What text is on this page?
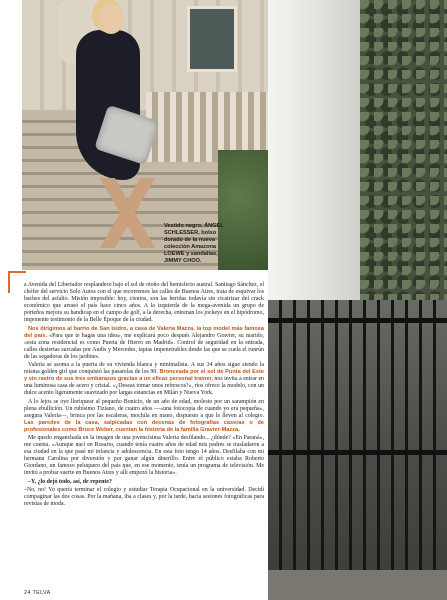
Vestido negro, ÁNGEL
SCHLESSER, bolso
dorado de la nueva
colección Amazona
LOEWE y sandalias,
JIMMY CHOO.

a Avenida del Libertador resplandece bajo el sol de otoño del hemisferio austral. Santiago Sánchez, el chófer del servicio Solo Autos con el que recorremos las calles de Buenos Aires, trata de esquivar los baches del asfalto. Misión imposible: hoy, cientos, son las heridas todavía sin cicatrizar del crack económico que arrasó el país hace cinco años. A la izquierda de la mega-avenida un grupo de porteños mejora su handicap en el campo de golf, a la derecha, entrenan los jockeys en el hipódromo, imponente testimonio de la Belle Époque de la ciudad.

Nos dirigimos al barrio de San Isidro, a casa de Valeria Mazza, la top model más famosa del país. «Para que te hagas una idea», me explicará poco después Alejandro Gravier, su marido, «esta zona residencial es como Puerta de Hierro en Madrid». Control de seguridad en la entrada, calles desiertas surcadas por Audis y Mercedes, tapias impenetrables desde las que se cuela el runrún de las segadoras de los jardines.

Valeria se asoma a la puerta de su vivienda blanca y minimalista. A sus 34 años sigue siendo la misma golden girl que conquistó las pasarelas de los 90. Bronceada por el sol de Punta del Este y sin rastro de sus tres embarazos gracias a un eficaz personal trainer, nos invita a entrar en una luminosa casa de acero y cristal. «¿Deseas tomar unos refrescos?», ríos ofrece la modelo, con un dulce acento ligeramente suavizado por largas estancias en Milán y Nueva York.

A lo lejos se oye lloriquear al pequeño Bonicio, de un año de edad, molesto por un sarampión en plena ebullición. Un rubísimo Tiziano, de cuatro años —«una fotocopia de cuando yo era pequeña», asegura Valeria—, brinca por las escaleras, mochila en mano, dispuesto a que le lleven al colegio. Las paredes de la casa, salpicadas con decenas de fotografías caseras o de profesionales como Bruce Weber, cuentan la historia de la familia Gravier-Mazza.

Me quedo enganchada en la imagen de una jovencísima Valeria desfilando... ¿dónde? «En Paraná», me cuenta. «Aunque nací en Rosario, cuando tenía cuatro años de edad mis padres se trasladaron a esa ciudad en la que pasé mi infancia y adolescencia. En esta foto tengo 14 años. Desfilaba con mi hermana Carolina por diversión y por ganar algún dinerillo. Entre el público estaba Roberto Giordano, un famoso peluquero del país que, en ese momento, tenía un programa de televisión. Me invitó a probar suerte en Buenos Aires y allí empezó la historia».

–Y, ¿lo dejó todo, así, de repente?

–No, no! Yo quería terminar el colegio y estudiar Terapia Ocupacional en la universidad. Decidí compaginar las dos cosas. Por la mañana, iba a clases y, por la tarde, hacía sesiones fotográficas para revistas de moda.

24 TELVA
